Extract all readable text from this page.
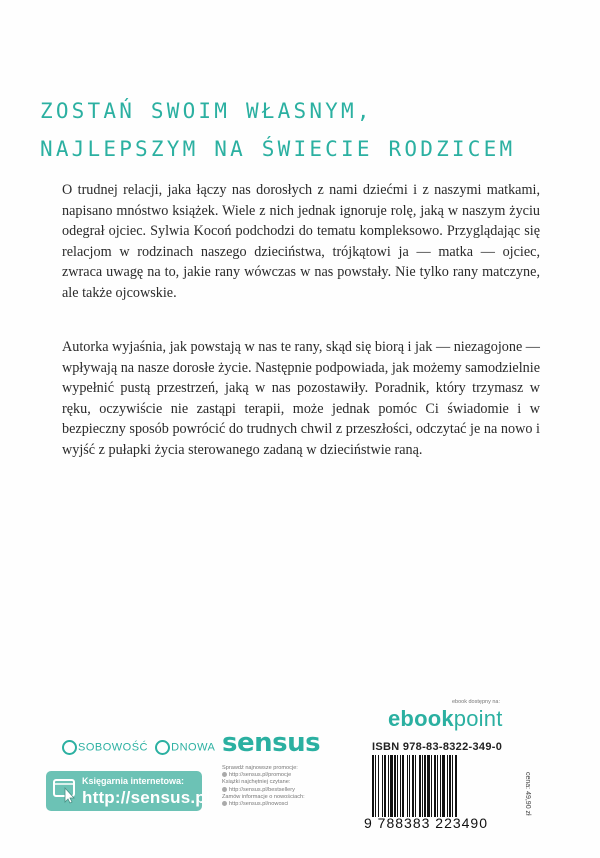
ZOSTAŃ SWOIM WŁASNYM,
NAJLEPSZYM NA ŚWIECIE RODZICEM
O trudnej relacji, jaka łączy nas dorosłych z nami dziećmi i z naszymi matkami, napisano mnóstwo książek. Wiele z nich jednak ignoruje rolę, jaką w naszym życiu odegrał ojciec. Sylwia Kocoń podchodzi do tematu kompleksowo. Przyglądając się relacjom w rodzinach naszego dzieciństwa, trójkątowi ja — matka — ojciec, zwraca uwagę na to, jakie rany wówczas w nas powstały. Nie tylko rany matczyne, ale także ojcowskie.
Autorka wyjaśnia, jak powstają w nas te rany, skąd się biorą i jak — niezagojone — wpływają na nasze dorosłe życie. Następnie podpowiada, jak możemy samodzielnie wypełnić pustą przestrzeń, jaką w nas pozostawiły. Poradnik, który trzymasz w ręku, oczywiście nie zastąpi terapii, może jednak pomóc Ci świadomie i w bezpieczny sposób powrócić do trudnych chwil z przeszłości, odczytać je na nowo i wyjść z pułapki życia sterowanego zadaną w dzieciństwie raną.
SOBOWOŚĆ DNOWA
Księgarnia internetowa:
http://sensus.pl
sensus
Sprawdź najnowsze promocje:
http://sensus.pl/promocje
Książki najchętniej czytane:
http://sensus.pl/bestsellery
Zamów informacje o nowościach:
http://sensus.pl/nowosci
ebook dostępny na:
ebookpoint
ISBN 978-83-8322-349-0
cena: 49,90 zł
9 788383 223490
